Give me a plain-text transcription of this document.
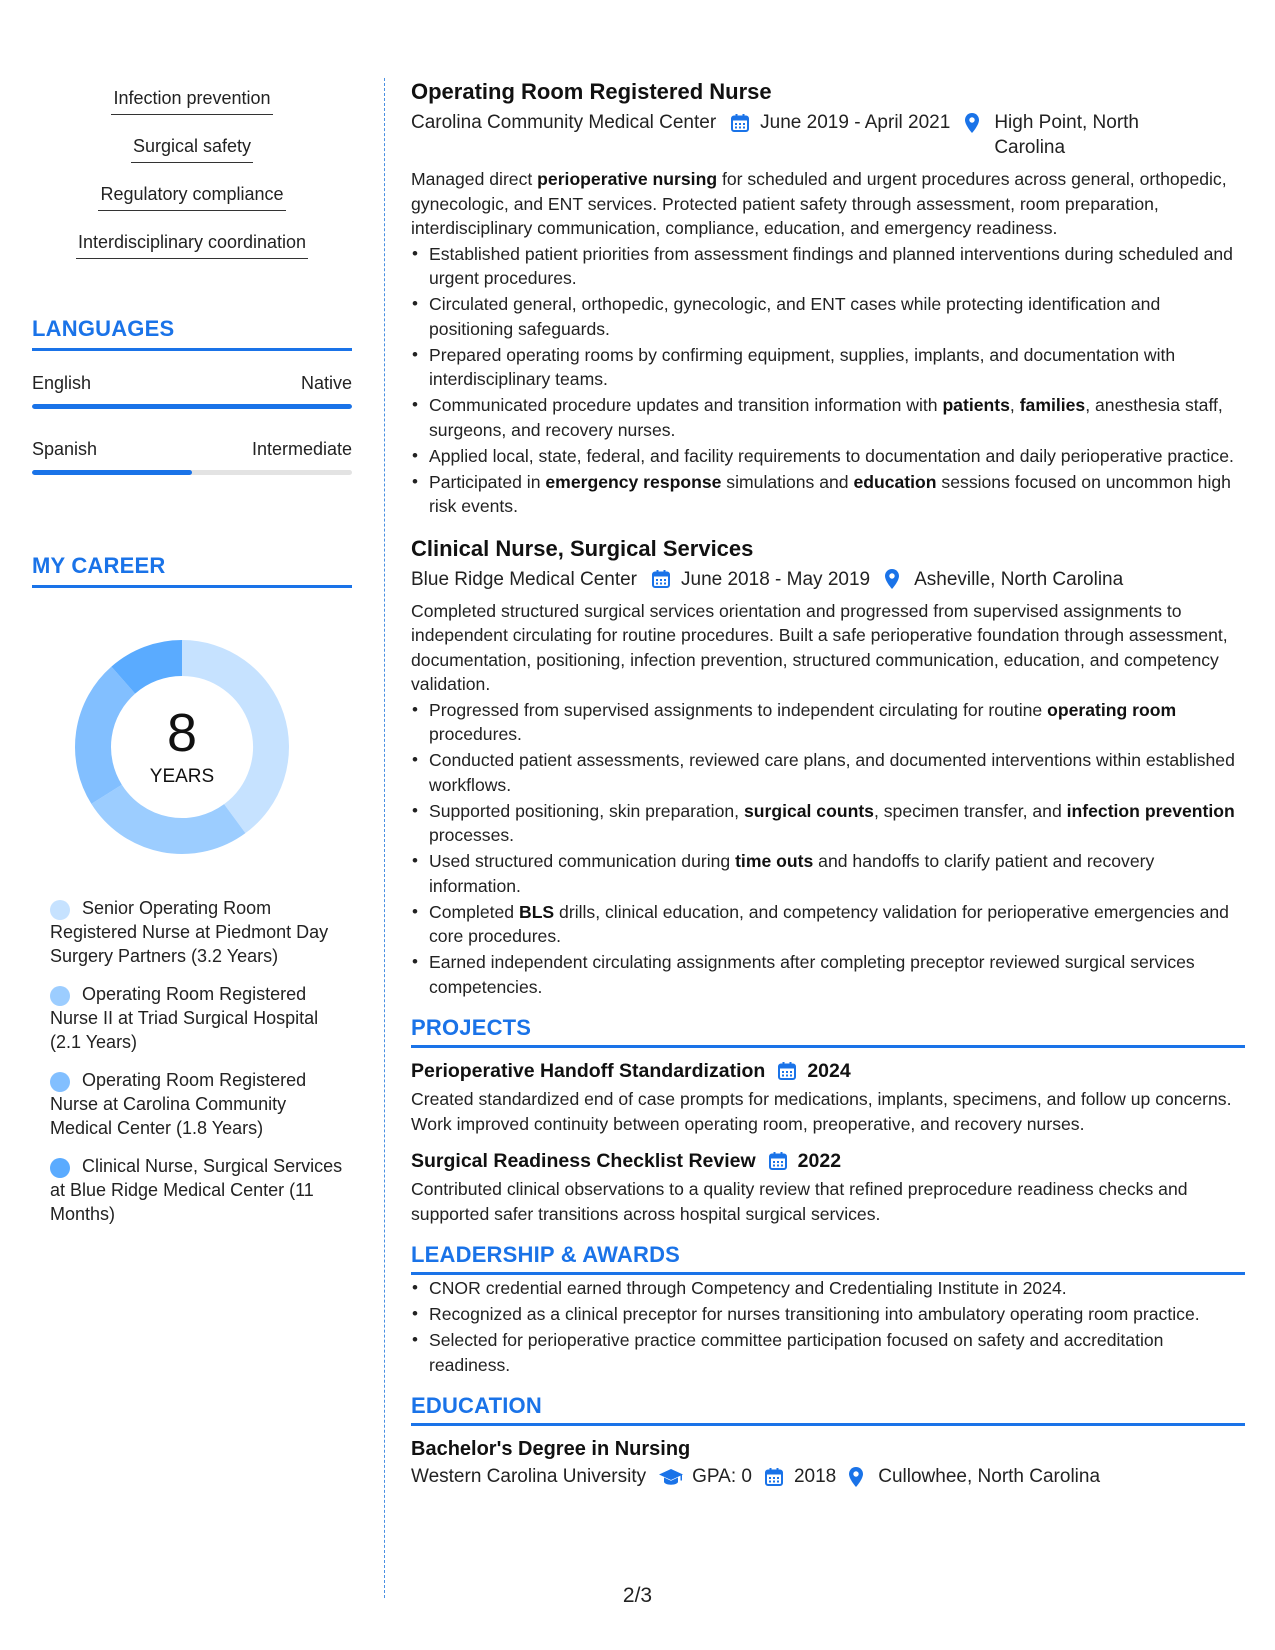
Infection prevention
Surgical safety
Regulatory compliance
Interdisciplinary coordination
LANGUAGES
English	Native
Spanish	Intermediate
MY CAREER
8
YEARS
Senior Operating Room Registered Nurse at Piedmont Day Surgery Partners (3.2 Years)
Operating Room Registered Nurse II at Triad Surgical Hospital (2.1 Years)
Operating Room Registered Nurse at Carolina Community Medical Center (1.8 Years)
Clinical Nurse, Surgical Services at Blue Ridge Medical Center (11 Months)
Operating Room Registered Nurse
Carolina Community Medical Center June 2019 - April 2021 High Point, North Carolina
Managed direct perioperative nursing for scheduled and urgent procedures across general, orthopedic, gynecologic, and ENT services. Protected patient safety through assessment, room preparation, interdisciplinary communication, compliance, education, and emergency readiness.
• Established patient priorities from assessment findings and planned interventions during scheduled and urgent procedures.
• Circulated general, orthopedic, gynecologic, and ENT cases while protecting identification and positioning safeguards.
• Prepared operating rooms by confirming equipment, supplies, implants, and documentation with interdisciplinary teams.
• Communicated procedure updates and transition information with patients, families, anesthesia staff, surgeons, and recovery nurses.
• Applied local, state, federal, and facility requirements to documentation and daily perioperative practice.
• Participated in emergency response simulations and education sessions focused on uncommon high risk events.
Clinical Nurse, Surgical Services
Blue Ridge Medical Center June 2018 - May 2019 Asheville, North Carolina
Completed structured surgical services orientation and progressed from supervised assignments to independent circulating for routine procedures. Built a safe perioperative foundation through assessment, documentation, positioning, infection prevention, structured communication, education, and competency validation.
• Progressed from supervised assignments to independent circulating for routine operating room procedures.
• Conducted patient assessments, reviewed care plans, and documented interventions within established workflows.
• Supported positioning, skin preparation, surgical counts, specimen transfer, and infection prevention processes.
• Used structured communication during time outs and handoffs to clarify patient and recovery information.
• Completed BLS drills, clinical education, and competency validation for perioperative emergencies and core procedures.
• Earned independent circulating assignments after completing preceptor reviewed surgical services competencies.
PROJECTS
Perioperative Handoff Standardization 2024
Created standardized end of case prompts for medications, implants, specimens, and follow up concerns. Work improved continuity between operating room, preoperative, and recovery nurses.
Surgical Readiness Checklist Review 2022
Contributed clinical observations to a quality review that refined preprocedure readiness checks and supported safer transitions across hospital surgical services.
LEADERSHIP & AWARDS
• CNOR credential earned through Competency and Credentialing Institute in 2024.
• Recognized as a clinical preceptor for nurses transitioning into ambulatory operating room practice.
• Selected for perioperative practice committee participation focused on safety and accreditation readiness.
EDUCATION
Bachelor's Degree in Nursing
Western Carolina University GPA: 0 2018 Cullowhee, North Carolina
2/3
